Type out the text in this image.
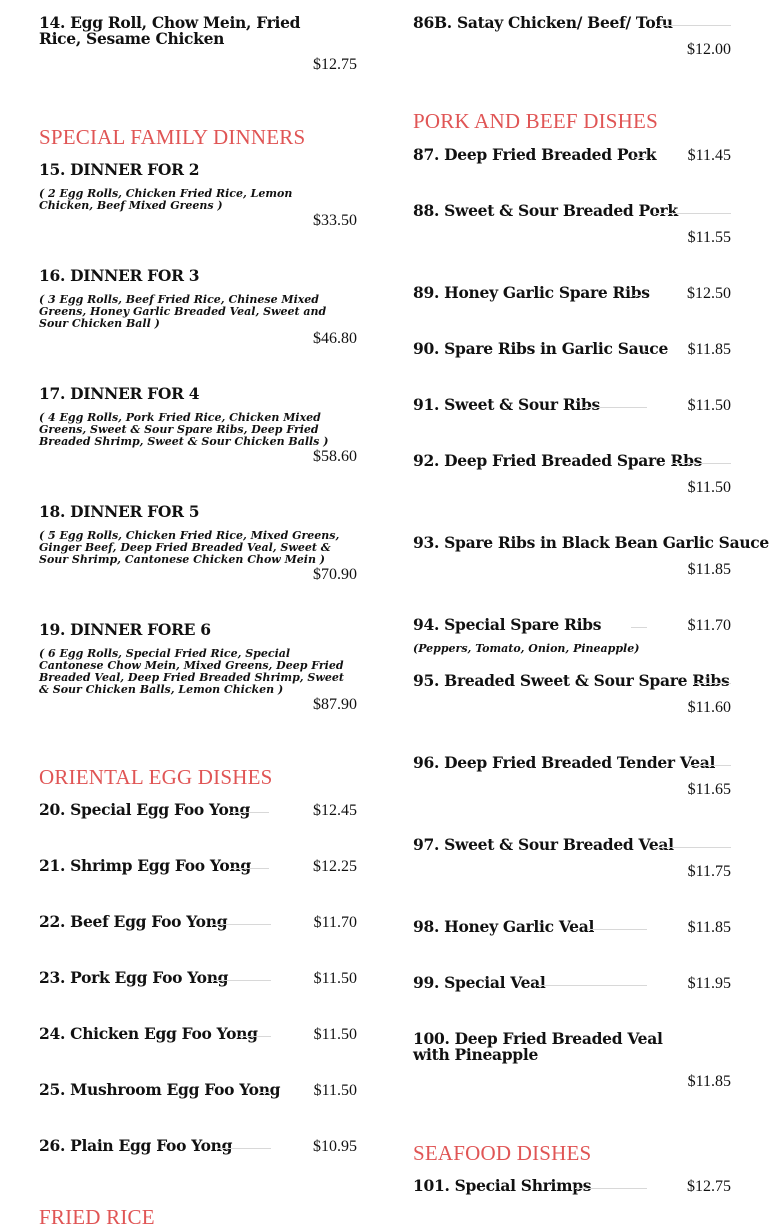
14. Egg Roll, Chow Mein, Fried Rice, Sesame Chicken
$12.75
SPECIAL FAMILY DINNERS
15. DINNER FOR 2
( 2 Egg Rolls, Chicken Fried Rice, Lemon Chicken, Beef Mixed Greens )
$33.50
16. DINNER FOR 3
( 3 Egg Rolls, Beef Fried Rice, Chinese Mixed Greens, Honey Garlic Breaded Veal, Sweet and Sour Chicken Ball )
$46.80
17. DINNER FOR 4
( 4 Egg Rolls, Pork Fried Rice, Chicken Mixed Greens, Sweet & Sour Spare Ribs, Deep Fried Breaded Shrimp, Sweet & Sour Chicken Balls )
$58.60
18. DINNER FOR 5
( 5 Egg Rolls, Chicken Fried Rice, Mixed Greens, Ginger Beef, Deep Fried Breaded Veal, Sweet & Sour Shrimp, Cantonese Chicken Chow Mein )
$70.90
19. DINNER FORE 6
( 6 Egg Rolls, Special Fried Rice, Special Cantonese Chow Mein, Mixed Greens, Deep Fried Breaded Veal, Deep Fried Breaded Shrimp, Sweet & Sour Chicken Balls, Lemon Chicken )
$87.90
ORIENTAL EGG DISHES
20. Special Egg Foo Yong	$12.45
21. Shrimp Egg Foo Yong	$12.25
22. Beef Egg Foo Yong	$11.70
23. Pork Egg Foo Yong	$11.50
24. Chicken Egg Foo Yong	$11.50
25. Mushroom Egg Foo Yong $11.50
26. Plain Egg Foo Yong	$10.95
FRIED RICE
86B. Satay Chicken/ Beef/ Tofu
$12.00
PORK AND BEEF DISHES
87. Deep Fried Breaded Pork $11.45
88. Sweet & Sour Breaded Pork
$11.55
89. Honey Garlic Spare Ribs $12.50
90. Spare Ribs in Garlic Sauce $11.85
91. Sweet & Sour Ribs	$11.50
92. Deep Fried Breaded Spare Rbs
$11.50
93. Spare Ribs in Black Bean Garlic Sauce
$11.85
94. Special Spare Ribs	$11.70
(Peppers, Tomato, Onion, Pineapple)
95. Breaded Sweet & Sour Spare Ribs
$11.60
96. Deep Fried Breaded Tender Veal
$11.65
97. Sweet & Sour Breaded Veal
$11.75
98. Honey Garlic Veal	$11.85
99. Special Veal	$11.95
100. Deep Fried Breaded Veal with Pineapple
$11.85
SEAFOOD DISHES
101. Special Shrimps	$12.75
